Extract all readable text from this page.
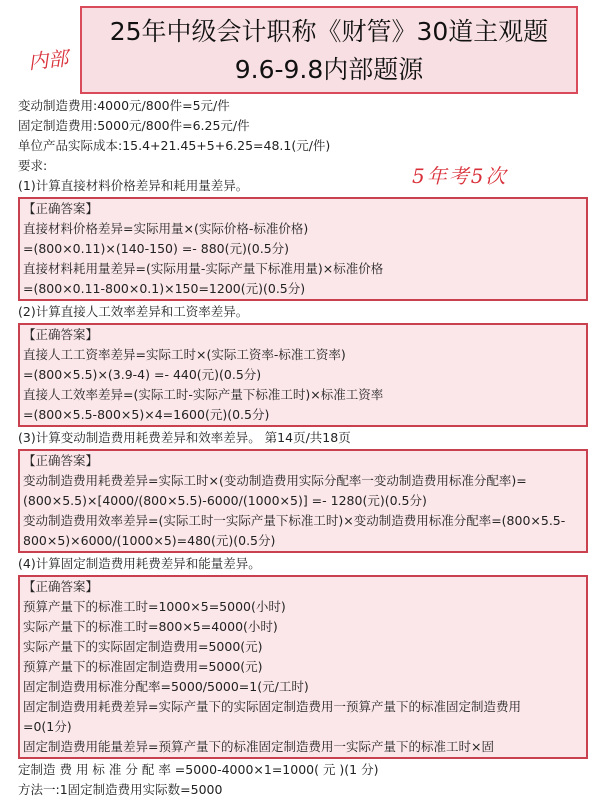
内部
25年中级会计职称《财管》30道主观题
9.6-9.8内部题源
5年考5次
变动制造费用:4000元/800件=5元/件
固定制造费用:5000元/800件=6.25元/件
单位产品实际成本:15.4+21.45+5+6.25=48.1(元/件)
要求:
(1)计算直接材料价格差异和耗用量差异。
【正确答案】
直接材料价格差异=实际用量×(实际价格-标准价格)
=(800×0.11)×(140-150) =- 880(元)(0.5分)
直接材料耗用量差异=(实际用量-实际产量下标准用量)×标准价格
=(800×0.11-800×0.1)×150=1200(元)(0.5分)
(2)计算直接人工效率差异和工资率差异。
【正确答案】
直接人工工资率差异=实际工时×(实际工资率-标准工资率)
=(800×5.5)×(3.9-4) =- 440(元)(0.5分)
直接人工效率差异=(实际工时-实际产量下标准工时)×标准工资率
=(800×5.5-800×5)×4=1600(元)(0.5分)
(3)计算变动制造费用耗费差异和效率差异。 第14页/共18页
【正确答案】
变动制造费用耗费差异=实际工时×(变动制造费用实际分配率一变动制造费用标准分配率)=(800×5.5)×[4000/(800×5.5)-6000/(1000×5)] =- 1280(元)(0.5分)
变动制造费用效率差异=(实际工时一实际产量下标准工时)×变动制造费用标准分配率=(800×5.5-800×5)×6000/(1000×5)=480(元)(0.5分)
(4)计算固定制造费用耗费差异和能量差异。
【正确答案】
预算产量下的标准工时=1000×5=5000(小时)
实际产量下的标准工时=800×5=4000(小时)
实际产量下的实际固定制造费用=5000(元)
预算产量下的标准固定制造费用=5000(元)
固定制造费用标准分配率=5000/5000=1(元/工时)
固定制造费用耗费差异=实际产量下的实际固定制造费用一预算产量下的标准固定制造费用
=0(1分)
固定制造费用能量差异=预算产量下的标准固定制造费用一实际产量下的标准工时×固
定制造 费 用 标 准 分 配 率 =5000-4000×1=1000( 元 )(1 分)
方法一:1固定制造费用实际数=5000
